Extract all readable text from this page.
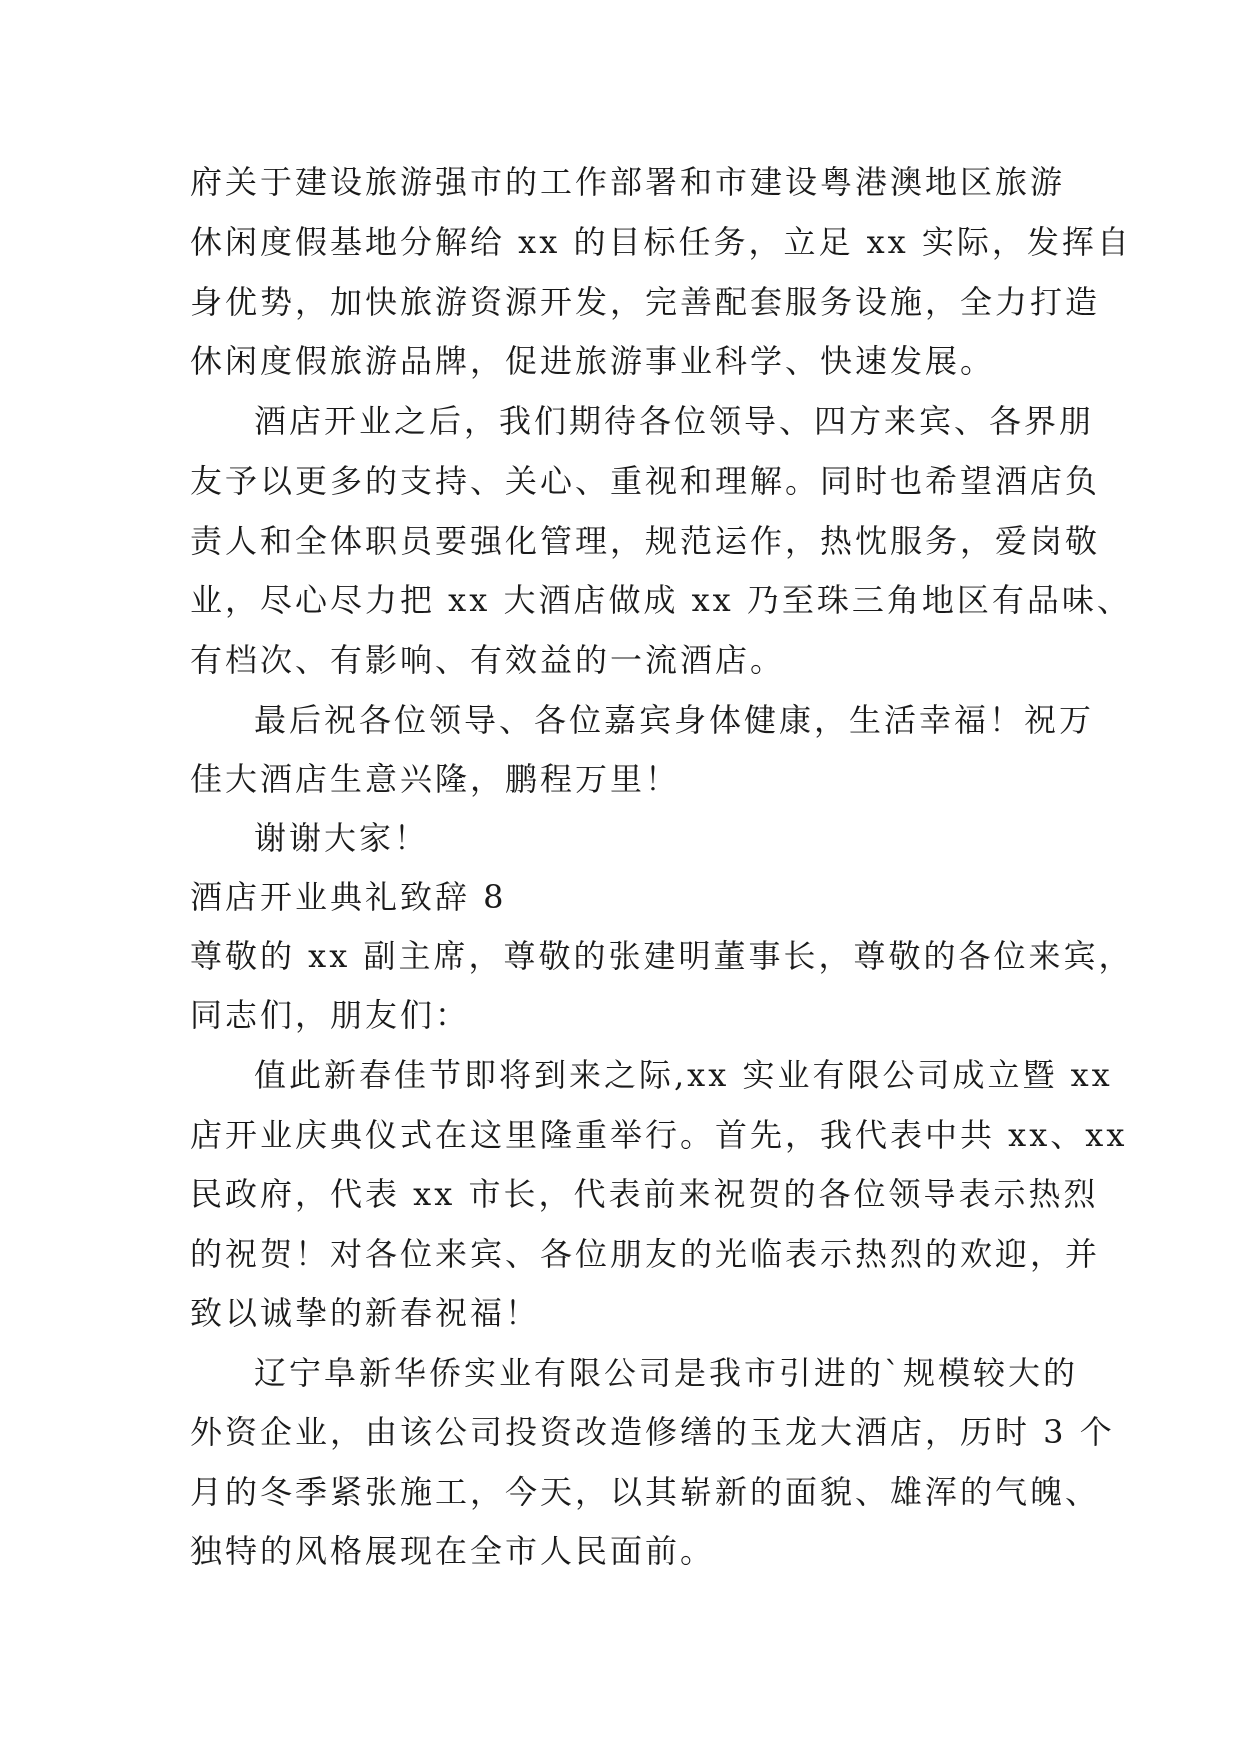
府关于建设旅游强市的工作部署和市建设粤港澳地区旅游

休闲度假基地分解给 xx 的目标任务，立足 xx 实际，发挥自

身优势，加快旅游资源开发，完善配套服务设施，全力打造

休闲度假旅游品牌，促进旅游事业科学、快速发展。

酒店开业之后，我们期待各位领导、四方来宾、各界朋

友予以更多的支持、关心、重视和理解。同时也希望酒店负

责人和全体职员要强化管理，规范运作，热忱服务，爱岗敬

业，尽心尽力把 xx 大酒店做成 xx 乃至珠三角地区有品味、

有档次、有影响、有效益的一流酒店。

最后祝各位领导、各位嘉宾身体健康，生活幸福！祝万

佳大酒店生意兴隆，鹏程万里！

谢谢大家！

酒店开业典礼致辞 8

尊敬的 xx 副主席，尊敬的张建明董事长，尊敬的各位来宾，

同志们，朋友们：

值此新春佳节即将到来之际,xx 实业有限公司成立暨 xx

店开业庆典仪式在这里隆重举行。首先，我代表中共 xx、xx

民政府，代表 xx 市长，代表前来祝贺的各位领导表示热烈

的祝贺！对各位来宾、各位朋友的光临表示热烈的欢迎，并

致以诚挚的新春祝福！

辽宁阜新华侨实业有限公司是我市引进的`规模较大的

外资企业，由该公司投资改造修缮的玉龙大酒店，历时 3 个

月的冬季紧张施工，今天，以其崭新的面貌、雄浑的气魄、

独特的风格展现在全市人民面前。
